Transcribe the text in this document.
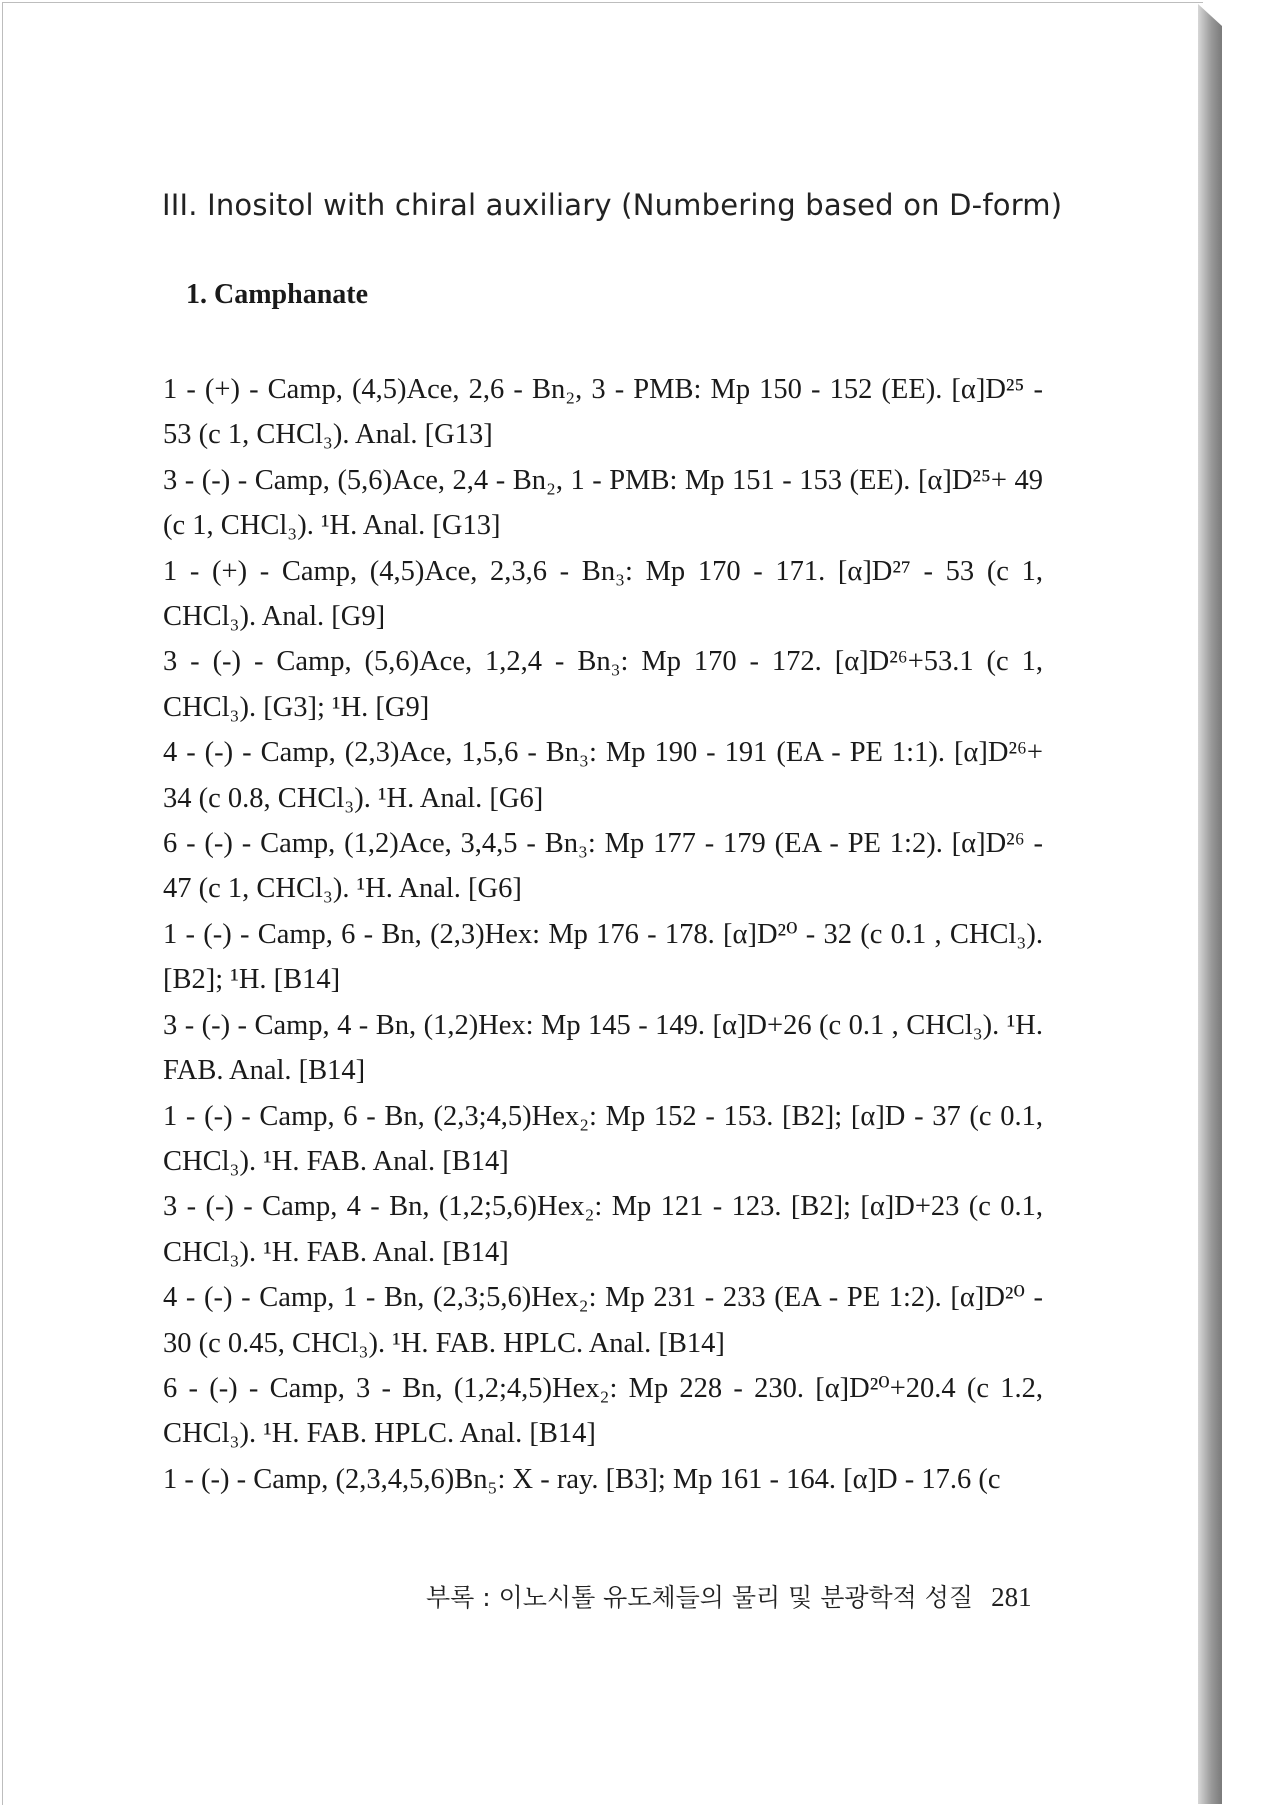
III. Inositol with chiral auxiliary (Numbering based on D-form)
1. Camphanate
1 - (+) - Camp, (4,5)Ace, 2,6 - Bn₂, 3 - PMB: Mp 150 - 152 (EE). [α]D²⁵ - 53 (c 1, CHCl₃). Anal. [G13]
3 - (-) - Camp, (5,6)Ace, 2,4 - Bn₂, 1 - PMB: Mp 151 - 153 (EE). [α]D²⁵+ 49 (c 1, CHCl₃). ¹H. Anal. [G13]
1 - (+) - Camp, (4,5)Ace, 2,3,6 - Bn₃: Mp 170 - 171. [α]D²⁷ - 53 (c 1, CHCl₃). Anal. [G9]
3 - (-) - Camp, (5,6)Ace, 1,2,4 - Bn₃: Mp 170 - 172. [α]D²⁶+53.1 (c 1, CHCl₃). [G3]; ¹H. [G9]
4 - (-) - Camp, (2,3)Ace, 1,5,6 - Bn₃: Mp 190 - 191 (EA - PE 1:1). [α]D²⁶+ 34 (c 0.8, CHCl₃). ¹H. Anal. [G6]
6 - (-) - Camp, (1,2)Ace, 3,4,5 - Bn₃: Mp 177 - 179 (EA - PE 1:2). [α]D²⁶ - 47 (c 1, CHCl₃). ¹H. Anal. [G6]
1 - (-) - Camp, 6 - Bn, (2,3)Hex: Mp 176 - 178. [α]D²⁰ - 32 (c 0.1 , CHCl₃). [B2]; ¹H. [B14]
3 - (-) - Camp, 4 - Bn, (1,2)Hex: Mp 145 - 149. [α]D+26 (c 0.1 , CHCl₃). ¹H. FAB. Anal. [B14]
1 - (-) - Camp, 6 - Bn, (2,3;4,5)Hex₂: Mp 152 - 153. [B2]; [α]D - 37 (c 0.1, CHCl₃). ¹H. FAB. Anal. [B14]
3 - (-) - Camp, 4 - Bn, (1,2;5,6)Hex₂: Mp 121 - 123. [B2]; [α]D+23 (c 0.1, CHCl₃). ¹H. FAB. Anal. [B14]
4 - (-) - Camp, 1 - Bn, (2,3;5,6)Hex₂: Mp 231 - 233 (EA - PE 1:2). [α]D²⁰ - 30 (c 0.45, CHCl₃). ¹H. FAB. HPLC. Anal. [B14]
6 - (-) - Camp, 3 - Bn, (1,2;4,5)Hex₂: Mp 228 - 230. [α]D²⁰+20.4 (c 1.2, CHCl₃). ¹H. FAB. HPLC. Anal. [B14]
1 - (-) - Camp, (2,3,4,5,6)Bn₅: X - ray. [B3]; Mp 161 - 164. [α]D - 17.6 (c
부록 : 이노시톨 유도체들의 물리 및 분광학적 성질 281
